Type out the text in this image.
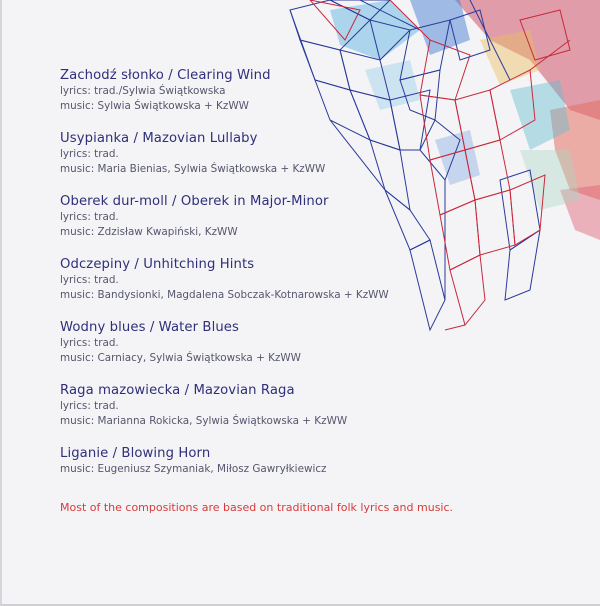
Zachodź słonko / Clearing Wind
lyrics: trad./Sylwia Świątkowska
music: Sylwia Świątkowska + KzWW
Usypianka / Mazovian Lullaby
lyrics: trad.
music: Maria Bienias, Sylwia Świątkowska + KzWW
Oberek dur-moll / Oberek in Major-Minor
lyrics: trad.
music: Zdzisław Kwapiński, KzWW
Odczepiny / Unhitching Hints
lyrics: trad.
music: Bandysionki, Magdalena Sobczak-Kotnarowska + KzWW
Wodny blues / Water Blues
lyrics: trad.
music: Carniacy, Sylwia Świątkowska + KzWW
Raga mazowiecka / Mazovian Raga
lyrics: trad.
music: Marianna Rokicka, Sylwia Świątkowska + KzWW
Liganie / Blowing Horn
music: Eugeniusz Szymaniak, Miłosz Gawryłkiewicz
Most of the compositions are based on traditional folk lyrics and music.
